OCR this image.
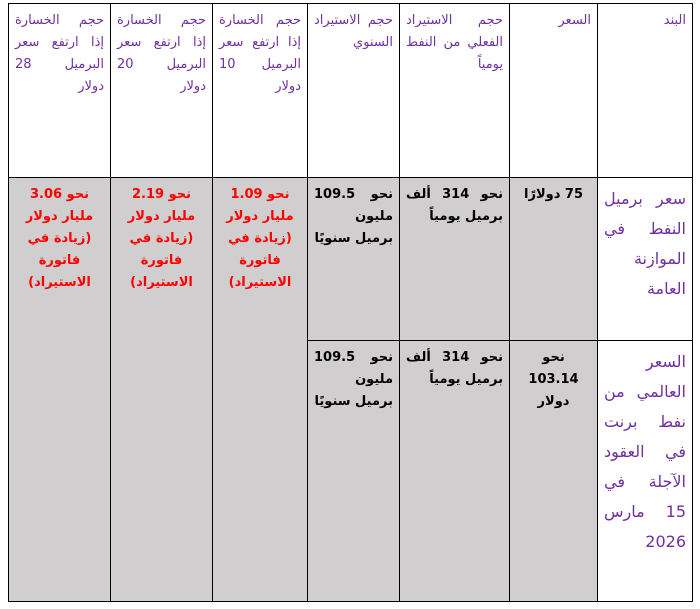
البند	السعر	حجم الاستيراد الفعلي من النفط يومياً	حجم الاستيراد السنوي	حجم الخسارة إذا ارتفع سعر البرميل 10 دولار	حجم الخسارة إذا ارتفع سعر البرميل 20 دولار	حجم الخسارة إذا ارتفع سعر البرميل 28 دولار
سعر برميل النفط في الموازنة العامة	75 دولارًا	نحو 314 ألف برميل يومياً	نحو 109.5 مليون برميل سنويًا	نحو 1.09 مليار دولار (زيادة في فاتورة الاستيراد)	نحو 2.19 مليار دولار (زيادة في فاتورة الاستيراد)	نحو 3.06 مليار دولار (زيادة في فاتورة الاستيراد)
السعر العالمي من نفط برنت في العقود الآجلة في 15 مارس 2026	نحو 103.14 دولار	نحو 314 ألف برميل يومياً	نحو 109.5 مليون برميل سنويًا			
